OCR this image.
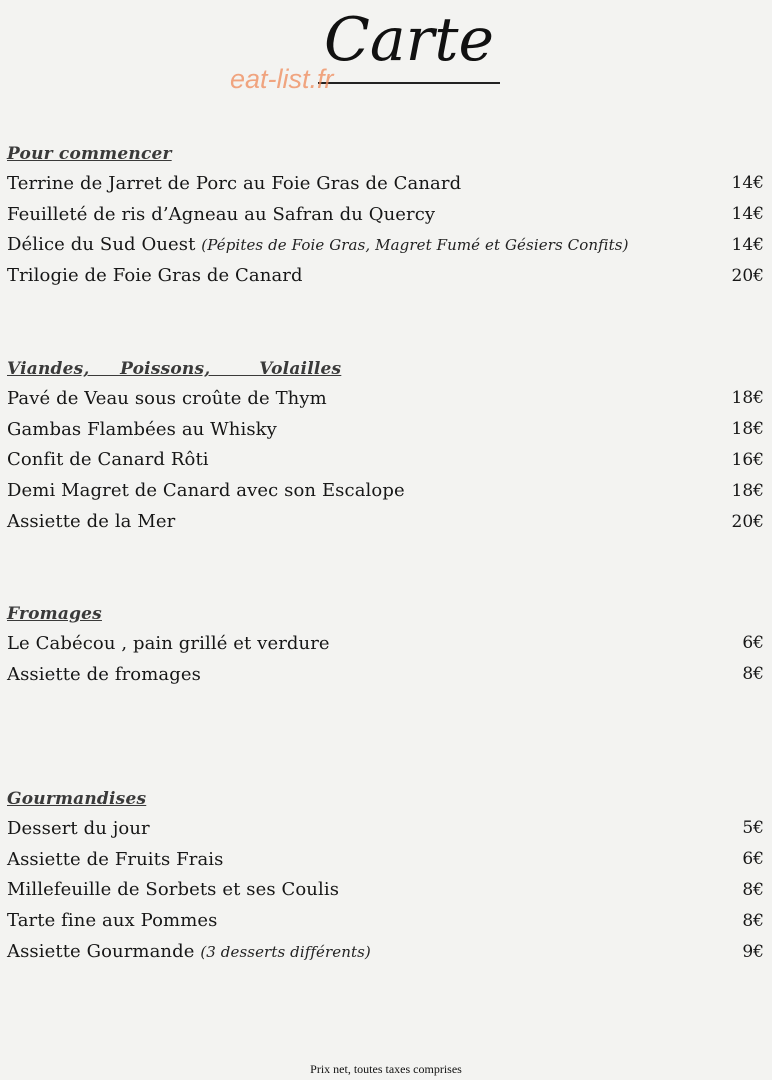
Carte
eat-list.fr
Pour commencer
Terrine de Jarret de Porc au Foie Gras de Canard	14€
Feuilleté de ris d’Agneau au Safran du Quercy	14€
Délice du Sud Ouest (Pépites de Foie Gras, Magret Fumé et Gésiers Confits)	14€
Trilogie de Foie Gras de Canard	20€
Viandes,     Poissons,        Volailles
Pavé de Veau sous croûte de Thym	18€
Gambas Flambées au Whisky	18€
Confit de Canard Rôti	16€
Demi Magret de Canard avec son Escalope	18€
Assiette de la Mer	20€
Fromages
Le Cabécou , pain grillé et verdure	6€
Assiette de fromages	8€
Gourmandises
Dessert du jour	5€
Assiette de Fruits Frais	6€
Millefeuille de Sorbets et ses Coulis	8€
Tarte fine aux Pommes	8€
Assiette Gourmande (3 desserts différents)	9€
Prix net, toutes taxes comprises
